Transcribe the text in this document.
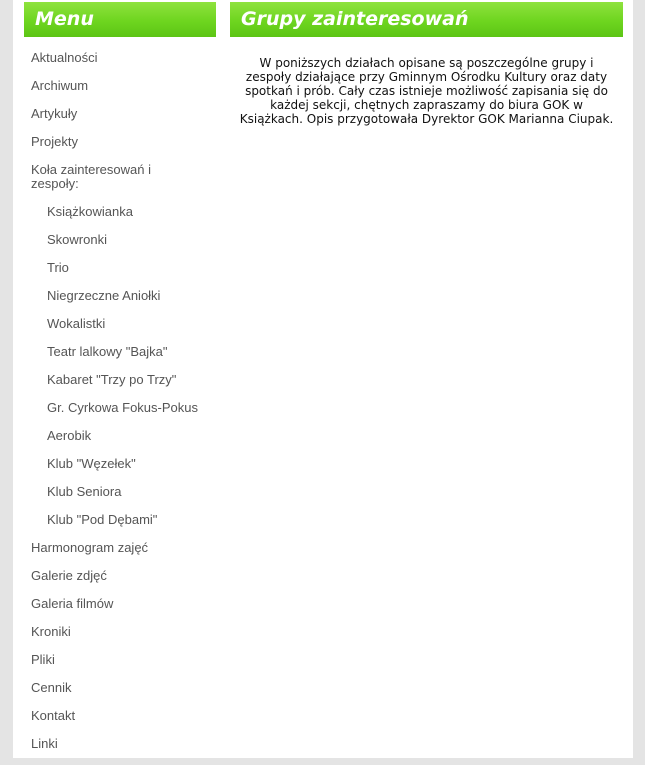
Menu
Aktualności
Archiwum
Artykuły
Projekty
Koła zainteresowań i zespoły:
Książkowianka
Skowronki
Trio
Niegrzeczne Aniołki
Wokalistki
Teatr lalkowy "Bajka"
Kabaret "Trzy po Trzy"
Gr. Cyrkowa Fokus-Pokus
Aerobik
Klub "Węzełek"
Klub Seniora
Klub "Pod Dębami"
Harmonogram zajęć
Galerie zdjęć
Galeria filmów
Kroniki
Pliki
Cennik
Kontakt
Linki
Grupy zainteresowań

W poniższych działach opisane są poszczególne grupy i zespoły działające przy Gminnym Ośrodku Kultury oraz daty spotkań i prób. Cały czas istnieje możliwość zapisania się do każdej sekcji, chętnych zapraszamy do biura GOK w Książkach. Opis przygotowała Dyrektor GOK Marianna Ciupak.
